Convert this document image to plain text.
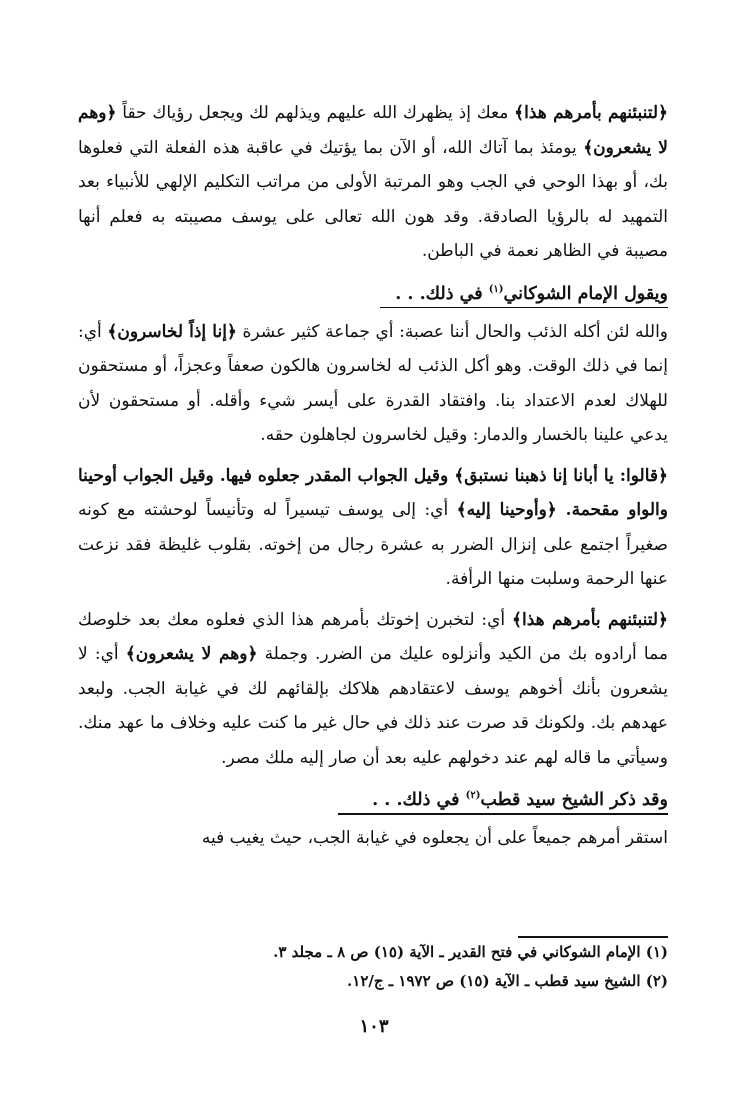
﴿لتنبئنهم بأمرهم هذا﴾ معك إذ يظهرك الله عليهم ويذلهم لك ويجعل رؤياك حقاً ﴿وهم لا يشعرون﴾ يومئذ بما آتاك الله، أو الآن بما يؤتيك في عاقبة هذه الفعلة التي فعلوها بك، أو بهذا الوحي في الجب وهو المرتبة الأولى من مراتب التكليم الإلهي للأنبياء بعد التمهيد له بالرؤيا الصادقة. وقد هون الله تعالى على يوسف مصيبته به فعلم أنها مصيبة في الظاهر نعمة في الباطن.

ويقول الإمام الشوكاني$^{(١)}$ في ذلك. . .

والله لئن أكله الذئب والحال أننا عصبة: أي جماعة كثير عشرة ﴿إنا إذاً لخاسرون﴾ أي: إنما في ذلك الوقت. وهو أكل الذئب له لخاسرون هالكون صعفاً وعجزاً، أو مستحقون للهلاك لعدم الاعتداد بنا. وافتقاد القدرة على أيسر شيء وأقله. أو مستحقون لأن يدعي علينا بالخسار والدمار: وقيل لخاسرون لجاهلون حقه.

﴿قالوا: يا أبانا إنا ذهبنا نستبق﴾ وقيل الجواب المقدر جعلوه فيها. وقيل الجواب أوحينا والواو مقحمة. ﴿وأوحينا إليه﴾ أي: إلى يوسف تيسيراً له وتأنيساً لوحشته مع كونه صغيراً اجتمع على إنزال الضرر به عشرة رجال من إخوته. بقلوب غليظة فقد نزعت عنها الرحمة وسلبت منها الرأفة.

﴿لتنبئنهم بأمرهم هذا﴾ أي: لتخبرن إخوتك بأمرهم هذا الذي فعلوه معك بعد خلوصك مما أرادوه بك من الكيد وأنزلوه عليك من الضرر. وجملة ﴿وهم لا يشعرون﴾ أي: لا يشعرون بأنك أخوهم يوسف لاعتقادهم هلاكك بإلقائهم لك في غيابة الجب. ولبعد عهدهم بك. ولكونك قد صرت عند ذلك في حال غير ما كنت عليه وخلاف ما عهد منك. وسيأتي ما قاله لهم عند دخولهم عليه بعد أن صار إليه ملك مصر.

وقد ذكر الشيخ سيد قطب$^{(٢)}$ في ذلك. . .

استقر أمرهم جميعاً على أن يجعلوه في غيابة الجب، حيث يغيب فيه

(١) الإمام الشوكاني في فتح القدير ـ الآية (١٥) ص ٨ ـ مجلد ٣.
(٢) الشيخ سيد قطب ـ الآية (١٥) ص ١٩٧٢ ـ ج/١٢.
١٠٣
